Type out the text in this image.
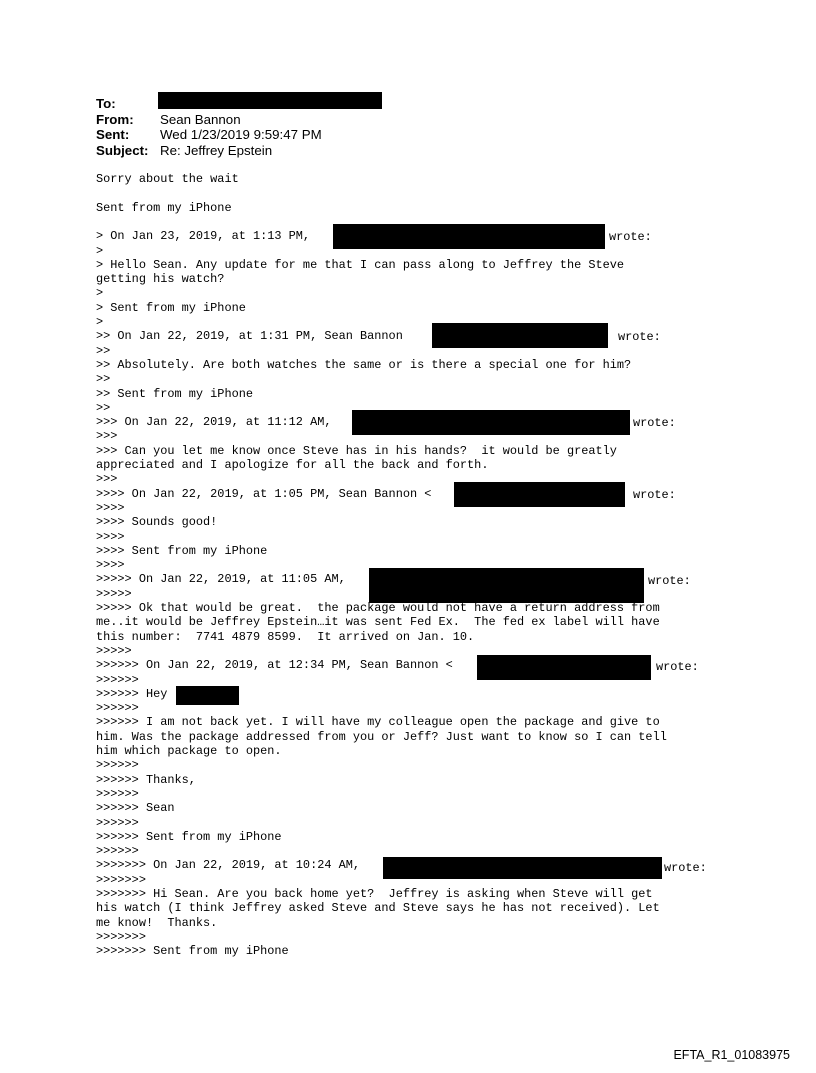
To:
From: Sean Bannon
Sent: Wed 1/23/2019 9:59:47 PM
Subject: Re: Jeffrey Epstein
wrote:
wrote:
wrote:
wrote:
wrote:
wrote:
wrote:
Sorry about the wait
Sent from my iPhone
> On Jan 23, 2019, at 1:13 PM,
>
> Hello Sean. Any update for me that I can pass along to Jeffrey the Steve
getting his watch?
>
> Sent from my iPhone
>
>> On Jan 22, 2019, at 1:31 PM, Sean Bannon
>>
>> Absolutely. Are both watches the same or is there a special one for him?
>>
>> Sent from my iPhone
>>
>>> On Jan 22, 2019, at 11:12 AM,
>>>
>>> Can you let me know once Steve has in his hands?  it would be greatly
appreciated and I apologize for all the back and forth.
>>>
>>>> On Jan 22, 2019, at 1:05 PM, Sean Bannon <
>>>>
>>>> Sounds good!
>>>>
>>>> Sent from my iPhone
>>>>
>>>>> On Jan 22, 2019, at 11:05 AM,
>>>>>
>>>>> Ok that would be great.  the package would not have a return address from
me..it would be Jeffrey Epstein…it was sent Fed Ex.  The fed ex label will have
this number:  7741 4879 8599.  It arrived on Jan. 10.
>>>>>
>>>>>> On Jan 22, 2019, at 12:34 PM, Sean Bannon <
>>>>>>
>>>>>> Hey
>>>>>>
>>>>>> I am not back yet. I will have my colleague open the package and give to
him. Was the package addressed from you or Jeff? Just want to know so I can tell
him which package to open.
>>>>>>
>>>>>> Thanks,
>>>>>>
>>>>>> Sean
>>>>>>
>>>>>> Sent from my iPhone
>>>>>>
>>>>>>> On Jan 22, 2019, at 10:24 AM,
>>>>>>>
>>>>>>> Hi Sean. Are you back home yet?  Jeffrey is asking when Steve will get
his watch (I think Jeffrey asked Steve and Steve says he has not received). Let
me know!  Thanks.
>>>>>>>
>>>>>>> Sent from my iPhone
EFTA_R1_01083975
